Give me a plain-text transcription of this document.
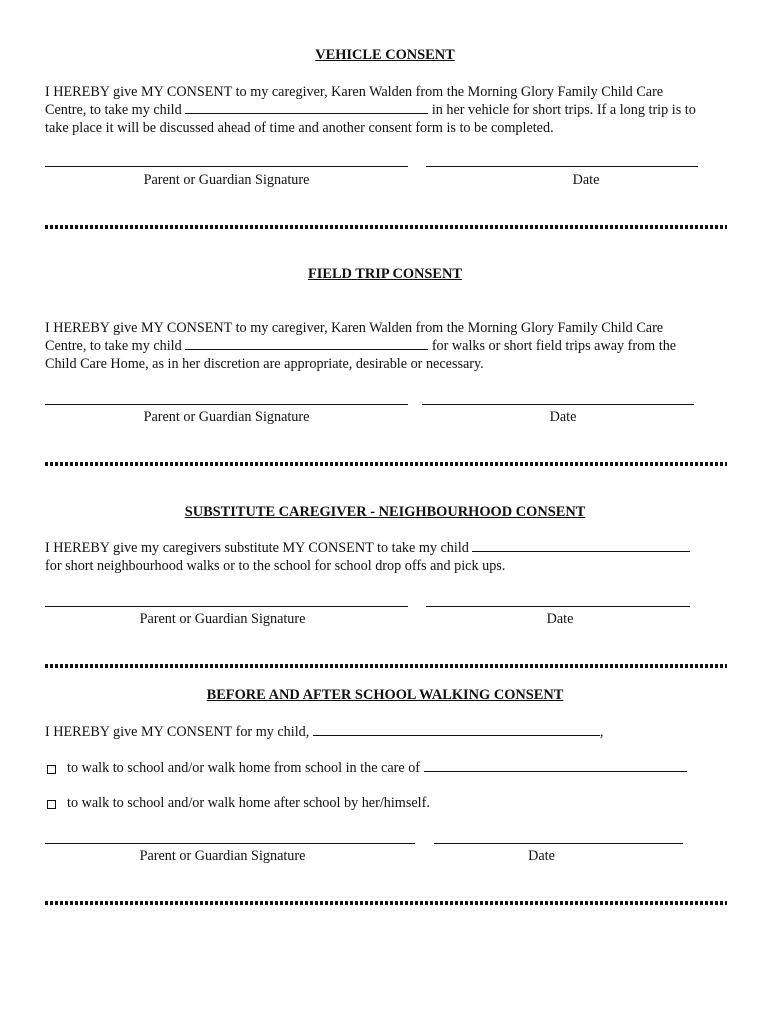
VEHICLE CONSENT
I HEREBY give MY CONSENT to my caregiver, Karen Walden from the Morning Glory Family Child Care
Centre, to take my child	in her vehicle for short trips. If a long trip is to
take place it will be discussed ahead of time and another consent form is to be completed.
Parent or Guardian Signature	Date
FIELD TRIP CONSENT
I HEREBY give MY CONSENT to my caregiver, Karen Walden from the Morning Glory Family Child Care
Centre, to take my child	for walks or short field trips away from the
Child Care Home, as in her discretion are appropriate, desirable or necessary.
Parent or Guardian Signature	Date
SUBSTITUTE CAREGIVER - NEIGHBOURHOOD CONSENT
I HEREBY give my caregivers substitute MY CONSENT to take my child
for short neighbourhood walks or to the school for school drop offs and pick ups.
Parent or Guardian Signature	Date
BEFORE AND AFTER SCHOOL WALKING CONSENT
I HEREBY give MY CONSENT for my child,	,
to walk to school and/or walk home from school in the care of
to walk to school and/or walk home after school by her/himself.
Parent or Guardian Signature	Date
